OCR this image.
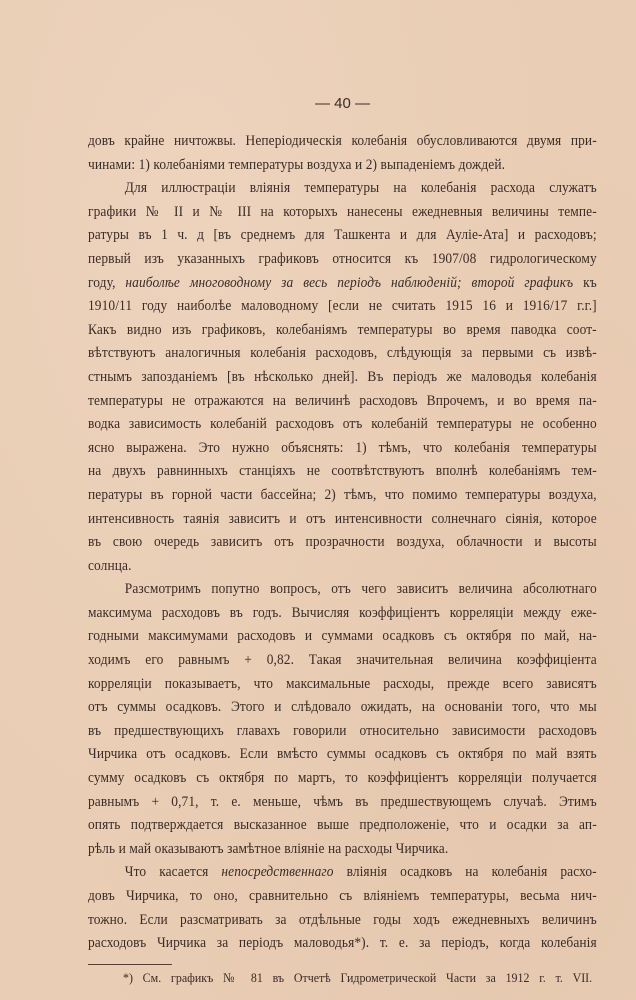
— 40 —
довъ крайне ничтожвы. Непеpiодическiя колебанiя обусловливаются двумя при-
чинами: 1) колебанiями температуры воздуха и 2) выпаденiемъ дождей.
Для иллюстрацiи влiянiя температуры на колебанiя расхода служатъ
графики № II и № III на которыхъ нанесены ежедневныя величины темпе-
ратуры въ 1 ч. д [въ среднемъ для Ташкента и для Аулiе-Ата] и расходовъ;
первый изъ указанныхъ графиковъ относится къ 1907/08 гидрологическому
году, наиболѣе многоводному за весь перiодъ наблюденiй; второй графикъ къ
1910/11 году наиболѣе маловодному [если не считать 1915 16 и 1916/17 г.г.]
Какъ видно изъ графиковъ, колебанiямъ температуры во время паводка соот-
вѣтствуютъ аналогичныя колебанiя расходовъ, слѣдующiя за первыми съ извѣ-
стнымъ запозданiемъ [въ нѣсколько дней]. Въ перiодъ же маловодья колебанiя
температуры не отражаются на величинѣ расходовъ Впрочемъ, и во время па-
водка зависимость колебанiй расходовъ отъ колебанiй температуры не особенно
ясно выражена. Это нужно объяснять: 1) тѣмъ, что колебанiя температуры
на двухъ равнинныхъ станцiяхъ не соотвѣтствуютъ вполнѣ колебанiямъ тем-
пературы въ горной части бассейна; 2) тѣмъ, что помимо температуры воздуха,
интенсивность таянiя зависитъ и отъ интенсивности солнечнаго сiянiя, которое
въ свою очередь зависитъ отъ прозрачности воздуха, облачности и высоты
солнца.
Разсмотримъ попутно вопросъ, отъ чего зависитъ величина абсолютнаго
максимума расходовъ въ годъ. Вычисляя коэффицiентъ корреляцiи между еже-
годными максимумами расходовъ и суммами осадковъ съ октября по май, на-
ходимъ его равнымъ + 0,82. Такая значительная величина коэффицiента
корреляцiи показываетъ, что максимальные расходы, прежде всего зависятъ
отъ суммы осадковъ. Этого и слѣдовало ожидать, на основанiи того, что мы
въ предшествующихъ главахъ говорили относительно зависимости расходовъ
Чирчика отъ осадковъ. Если вмѣсто суммы осадковъ съ октября по май взять
сумму осадковъ съ октября по мартъ, то коэффицiентъ корреляцiи получается
равнымъ + 0,71, т. е. меньше, чѣмъ въ предшествующемъ случаѣ. Этимъ
опять подтверждается высказанное выше предположенiе, что и осадки за ап-
рѣль и май оказываютъ замѣтное влiянiе на расходы Чирчика.
Что касается непосредственнаго влiянiя осадковъ на колебанiя расхо-
довъ Чирчика, то оно, сравнительно съ влiянiемъ температуры, весьма нич-
тожно. Если разсматривать за отдѣльные годы ходъ ежедневныхъ величинъ
расходовъ Чирчика за перiодъ маловодья*). т. е. за перiодъ, когда колебанiя
*) См. графикъ № 81 въ Отчетѣ Гидрометрической Части за 1912 г. т. VII.
